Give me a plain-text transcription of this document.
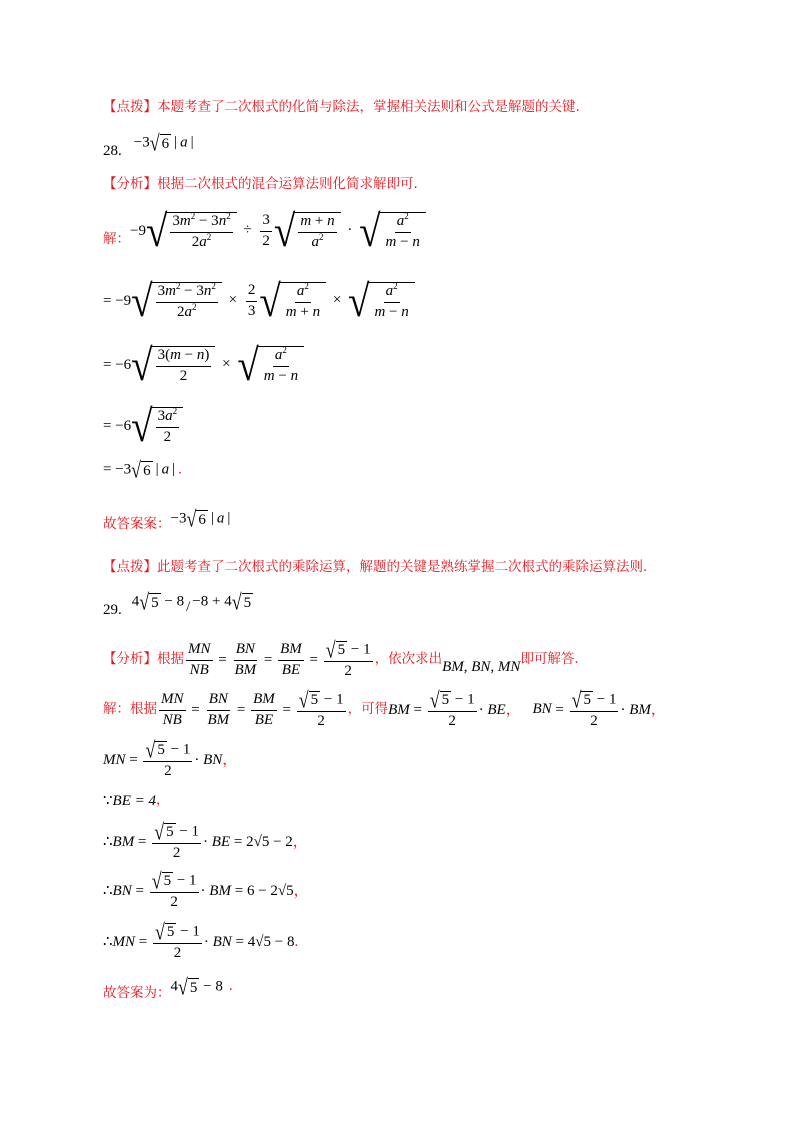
【点拨】 本题考查了二次根式的化简与除法，掌握相关法则和公式是解题的关键.
28.
−3 √ 6 | a |
【分析】 根据二次根式的混合运算法则化简求解即可.
解：
−9 √ $\frac{3m^2 - 3n^2}{2a^2} \div \frac{3}{2}$ √ $\frac{m + n}{a^2}$ · √ $\frac{a^2}{m - n}$
= −9 √ $\frac{3m^2 - 3n^2}{2a^2} \times \frac{2}{3}$ √ $\frac{a^2}{m + n}$ × √ $\frac{a^2}{m - n}$
= −6 √ $\frac{3(m - n)}{2}$ × √ $\frac{a^2}{m - n}$
= −6 √ $\frac{3a^2}{2}$
= −3 √ 6 | a | .
故答案案： −3 √ 6 | a |
【点拨】 此题考查了二次根式的乘除运算，解题的关键是熟练掌握二次根式的乘除运算法则.
29.
4 √ 5 − 8 / −8 + 4 √ 5
【分析】 根据 $\frac{MN}{NB} = \frac{BN}{BM} = \frac{BM}{BE} = \frac{√ 5 - 1}{2}$ ，依次求出 BM, BN, MN 即可解答.
解：根据 $\frac{MN}{NB} = \frac{BN}{BM} = \frac{BM}{BE} = \frac{√ 5 - 1}{2}$ ，可得 BM = $\frac{√ 5 - 1}{2}$ · BE， BN = $\frac{√ 5 - 1}{2}$ · BM，
MN = $\frac{√ 5 - 1}{2}$ · BN，
∵ BE = 4 ，
∴ BM = $\frac{√ 5 - 1}{2}$ · BE = 2√5 − 2，
∴ BN = $\frac{√ 5 - 1}{2}$ · BM = 6 − 2√5，
∴ MN = $\frac{√ 5 - 1}{2}$ · BN = 4√5 − 8.
故答案为： 4 √ 5 − 8 .
